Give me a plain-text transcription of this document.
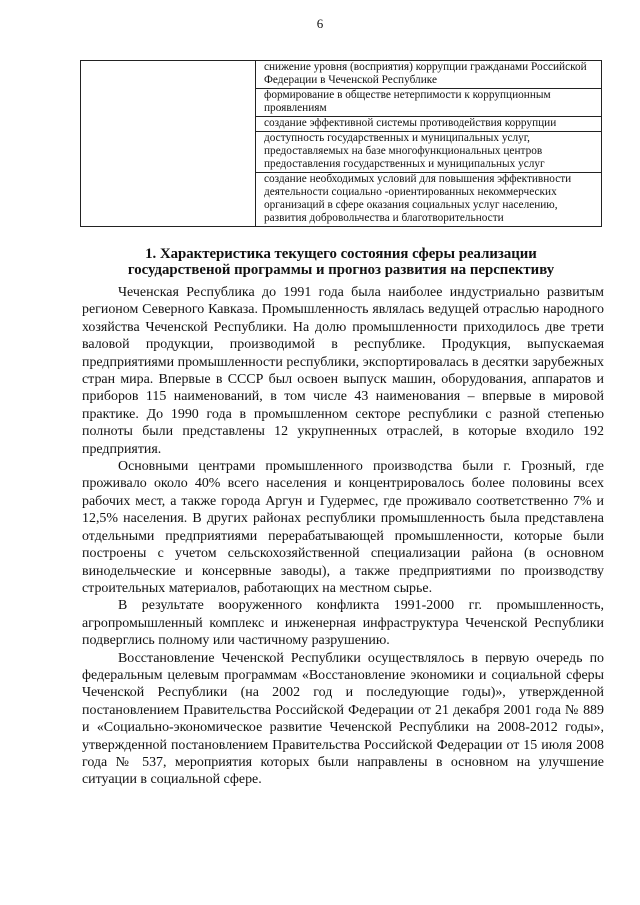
6
	снижение уровня (восприятия) коррупции гражданами Российской Федерации в Чеченской Республике
формирование в обществе нетерпимости к коррупционным проявлениям
создание эффективной системы противодействия коррупции
доступность государственных и муниципальных услуг, предоставляемых на базе многофункциональных центров предоставления государственных и муниципальных услуг
создание необходимых условий для повышения эффективности деятельности социально -ориентированных некоммерческих организаций в сфере оказания социальных услуг населению, развития добровольчества и благотворительности
1. Характеристика текущего состояния сферы реализации
государственой программы и прогноз развития на перспективу

Чеченская Республика до 1991 года была наиболее индустриально развитым регионом Северного Кавказа. Промышленность являлась ведущей отраслью народного хозяйства Чеченской Республики. На долю промышленности приходилось две трети валовой продукции, производимой в республике. Продукция, выпускаемая предприятиями промышленности республики, экспортировалась в десятки зарубежных стран мира. Впервые в СССР был освоен выпуск машин, оборудования, аппаратов и приборов 115 наименований, в том числе 43 наименования – впервые в мировой практике. До 1990 года в промышленном секторе республики с разной степенью полноты были представлены 12 укрупненных отраслей, в которые входило 192 предприятия.

Основными центрами промышленного производства были г. Грозный, где проживало около 40% всего населения и концентрировалось более половины всех рабочих мест, а также города Аргун и Гудермес, где проживало соответственно 7% и 12,5% населения. В других районах республики промышленность была представлена отдельными предприятиями перерабатывающей промышленности, которые были построены с учетом сельскохозяйственной специализации района (в основном винодельческие и консервные заводы), а также предприятиями по производству строительных материалов, работающих на местном сырье.

В результате вооруженного конфликта 1991-2000 гг. промышленность, агропромышленный комплекс и инженерная инфраструктура Чеченской Республики подверглись полному или частичному разрушению.

Восстановление Чеченской Республики осуществлялось в первую очередь по федеральным целевым программам «Восстановление экономики и социальной сферы Чеченской Республики (на 2002 год и последующие годы)», утвержденной постановлением Правительства Российской Федерации от 21 декабря 2001 года № 889 и «Социально-экономическое развитие Чеченской Республики на 2008-2012 годы», утвержденной постановлением Правительства Российской Федерации от 15 июля 2008 года № 537, мероприятия которых были направлены в основном на улучшение ситуации в социальной сфере.
